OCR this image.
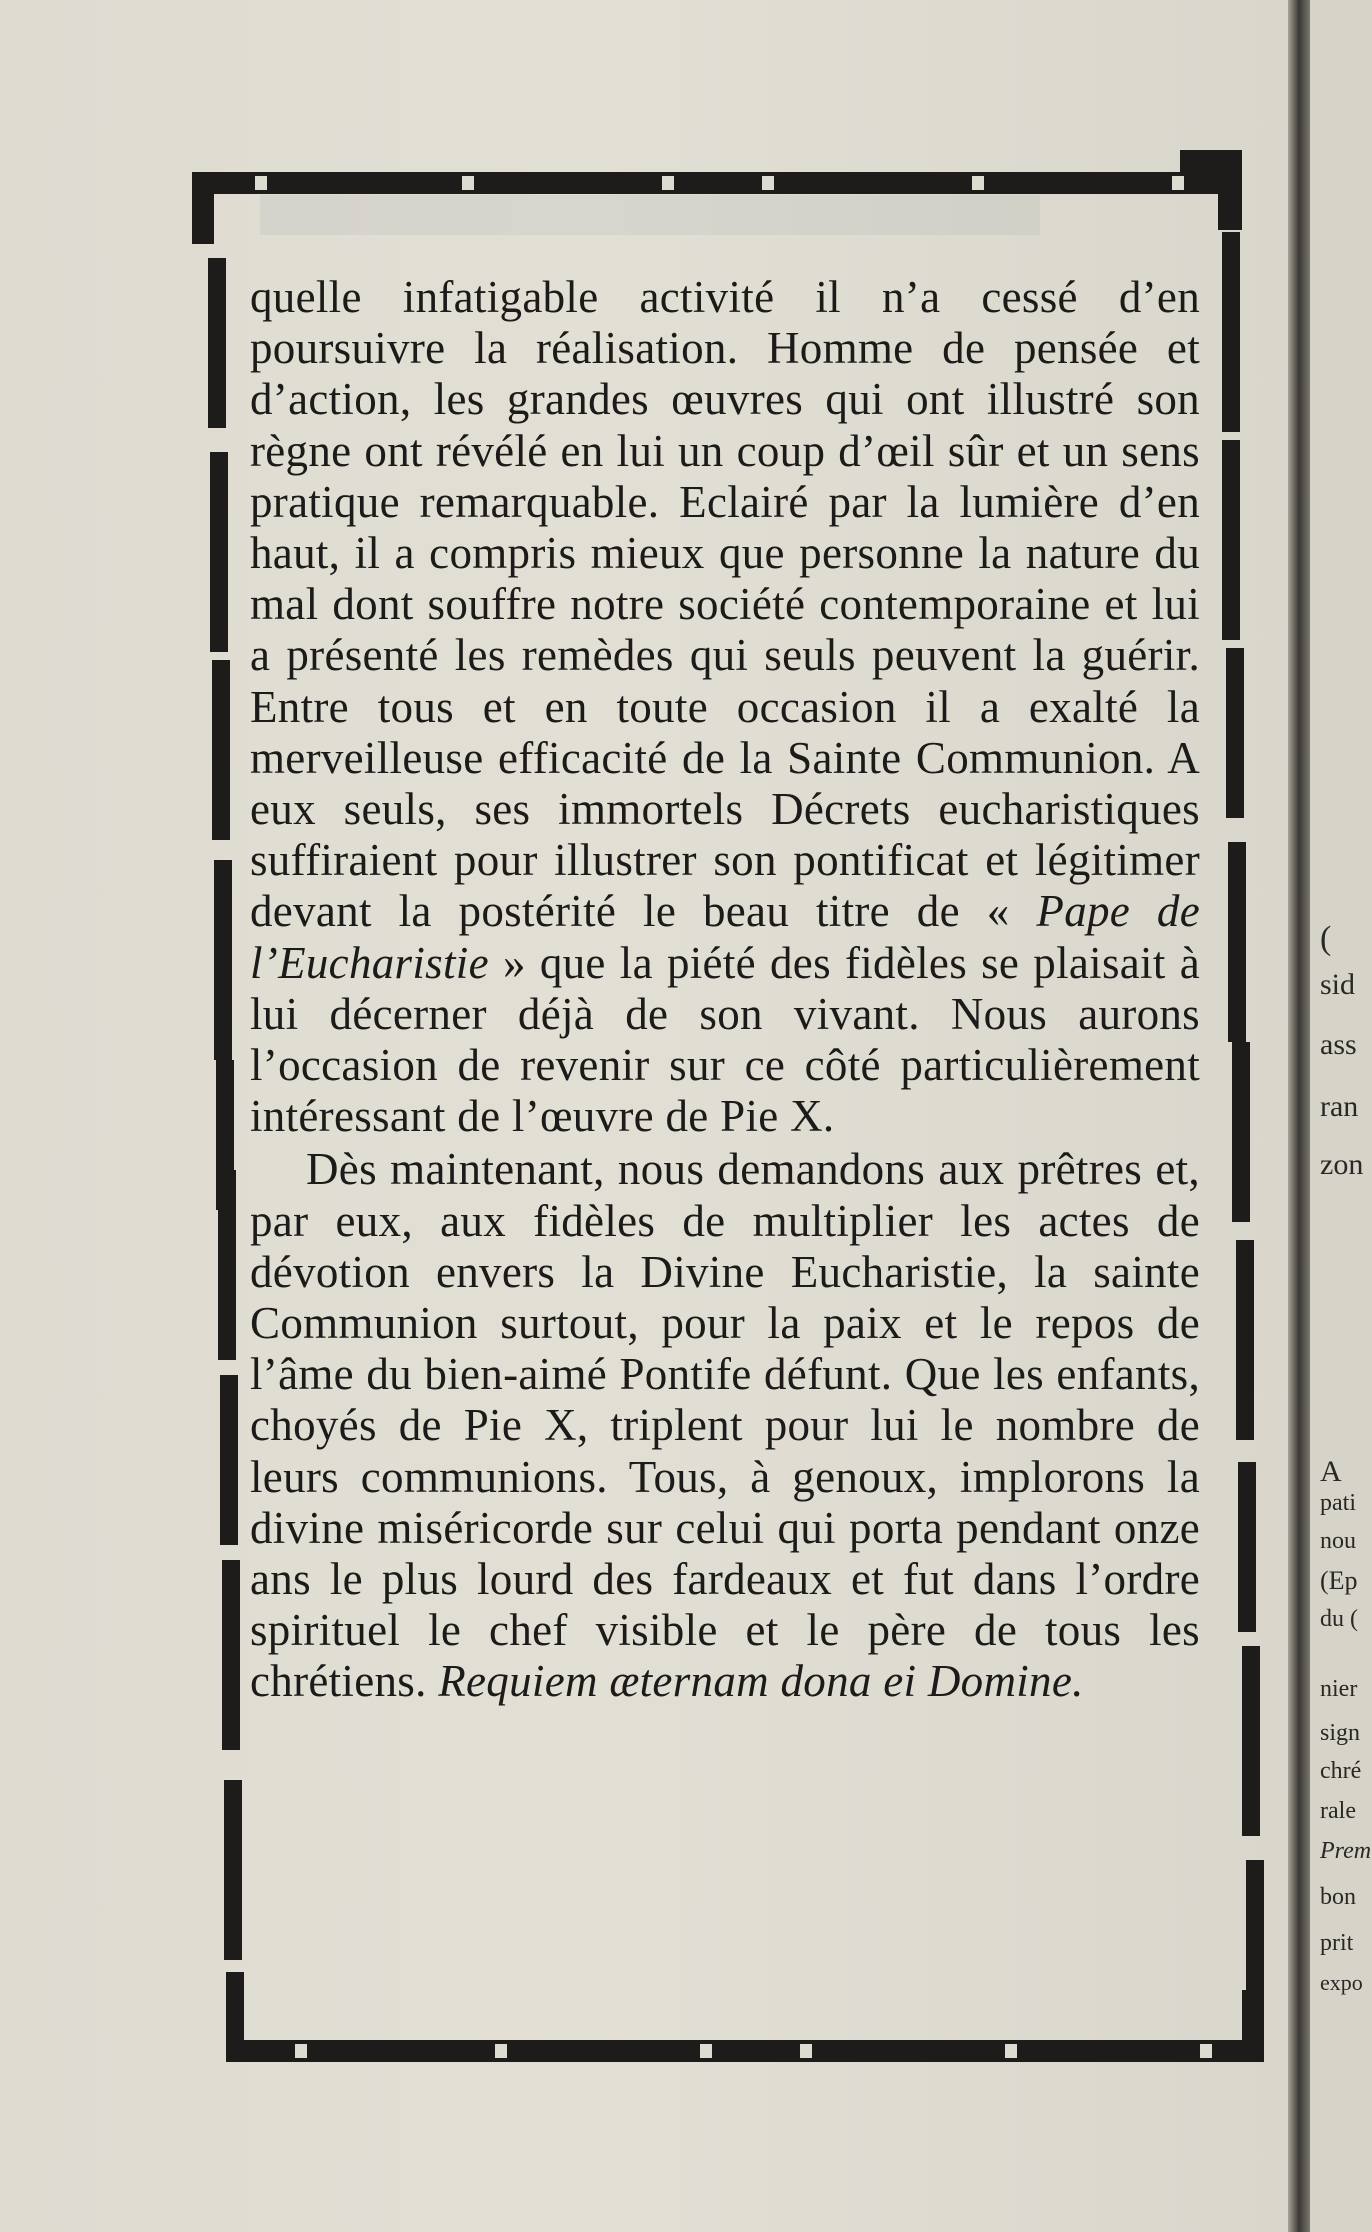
quelle infatigable activité il n’a cessé d’en poursuivre la réalisation. Homme de pensée et d’action, les grandes œuvres qui ont illustré son règne ont révélé en lui un coup d’œil sûr et un sens pratique remarquable. Eclairé par la lumière d’en haut, il a compris mieux que personne la nature du mal dont souffre notre société contemporaine et lui a présenté les remèdes qui seuls peuvent la guérir. Entre tous et en toute occasion il a exalté la merveilleuse efficacité de la Sainte Communion. A eux seuls, ses immortels Décrets eucharistiques suffiraient pour illustrer son pontificat et légitimer devant la postérité le beau titre de « Pape de l’Eucharistie » que la piété des fidèles se plaisait à lui décerner déjà de son vivant. Nous aurons l’occasion de revenir sur ce côté particulièrement intéressant de l’œuvre de Pie X.

Dès maintenant, nous demandons aux prêtres et, par eux, aux fidèles de multiplier les actes de dévotion envers la Divine Eucharistie, la sainte Communion surtout, pour la paix et le repos de l’âme du bien-aimé Pontife défunt. Que les enfants, choyés de Pie X, triplent pour lui le nombre de leurs communions. Tous, à genoux, implorons la divine miséricorde sur celui qui porta pendant onze ans le plus lourd des fardeaux et fut dans l’ordre spirituel le chef visible et le père de tous les chrétiens. Requiem æternam dona ei Domine.

(
sid
ass
ran
zon
A
pati
nou
(Ep
du (
nier
sign
chré
rale
Prem
bon
prit
expo
